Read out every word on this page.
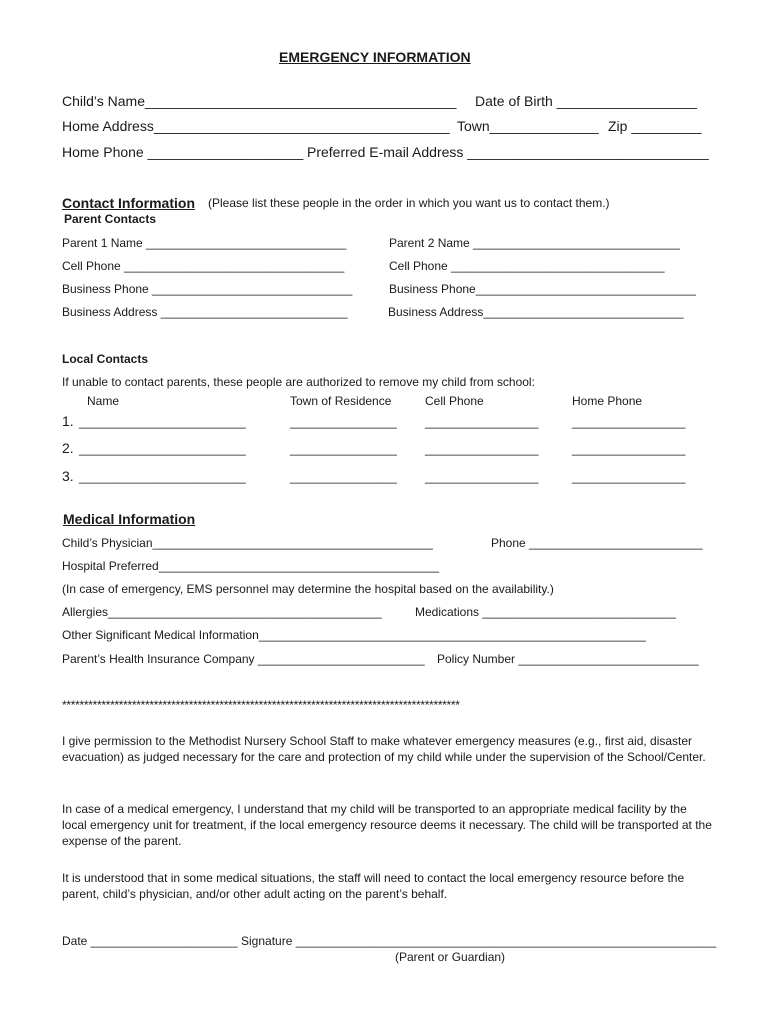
EMERGENCY INFORMATION
Child’s Name________________________________________ Date of Birth __________________
Home Address______________________________________ Town______________ Zip _________
Home Phone ____________________ Preferred E-mail Address _______________________________
Contact Information (Please list these people in the order in which you want us to contact them.)
Parent Contacts
Parent 1 Name ______________________________	Parent 2 Name _______________________________
Cell Phone _________________________________	Cell Phone ________________________________
Business Phone ______________________________	Business Phone_________________________________
Business Address ____________________________	Business Address______________________________
Local Contacts
If unable to contact parents, these people are authorized to remove my child from school:
Name	Town of Residence	Cell Phone	Home Phone
1. _________________________	________________ _________________	_________________
2. _________________________	________________ _________________	_________________
3. _________________________	________________ _________________	_________________
Medical Information
Child’s Physician__________________________________________	Phone __________________________
Hospital Preferred__________________________________________
(In case of emergency, EMS personnel may determine the hospital based on the availability.)
Allergies_________________________________________	Medications _____________________________
Other Significant Medical Information__________________________________________________________
Parent’s Health Insurance Company _________________________ Policy Number ___________________________
*******************************************************************************************
I give permission to the Methodist Nursery School Staff to make whatever emergency measures (e.g., first aid, disaster evacuation) as judged necessary for the care and protection of my child while under the supervision of the School/Center.
In case of a medical emergency, I understand that my child will be transported to an appropriate medical facility by the local emergency unit for treatment, if the local emergency resource deems it necessary. The child will be transported at the expense of the parent.
It is understood that in some medical situations, the staff will need to contact the local emergency resource before the parent, child’s physician, and/or other adult acting on the parent’s behalf.
Date ______________________ Signature _______________________________________________________________
(Parent or Guardian)
